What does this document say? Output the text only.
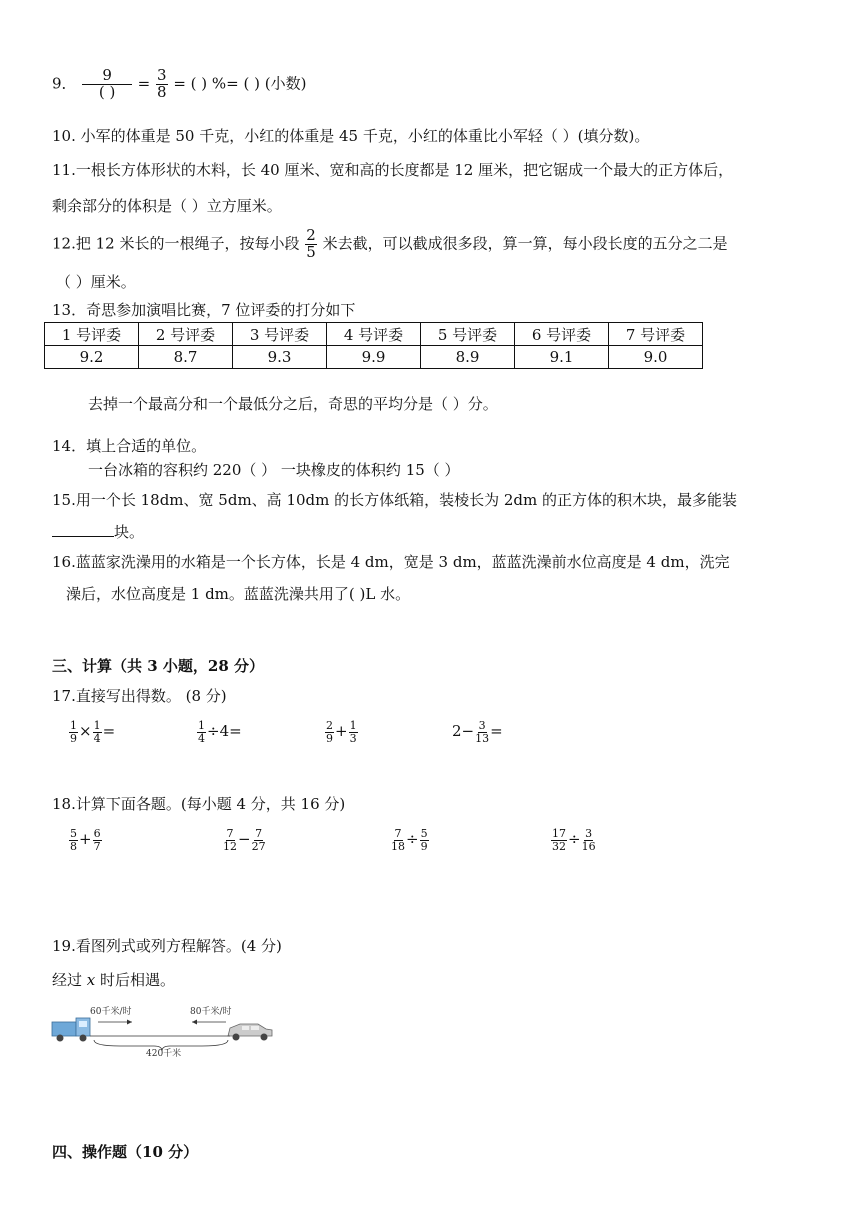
9． $\frac{9}{( )} = \frac{3}{8}$ = ( ) %= ( ) (小数)
10. 小军的体重是 50 千克，小红的体重是 45 千克，小红的体重比小军轻（ ）(填分数)。
11.一根长方体形状的木料，长 40 厘米、宽和高的长度都是 12 厘米，把它锯成一个最大的正方体后，
剩余部分的体积是（ ）立方厘米。
12.把 12 米长的一根绳子，按每小段 $\frac{2}{5}$ 米去截，可以截成很多段，算一算，每小段长度的五分之二是
（ ）厘米。
13．奇思参加演唱比赛，7 位评委的打分如下
1 号评委	2 号评委	3 号评委	4 号评委	5 号评委	6 号评委	7 号评委
9.2	8.7	9.3	9.9	8.9	9.1	9.0
去掉一个最高分和一个最低分之后，奇思的平均分是（ ）分。
14．填上合适的单位。
一台冰箱的容积约 220（ ） 一块橡皮的体积约 15（ ）
15.用一个长 18dm、宽 5dm、高 10dm 的长方体纸箱，装棱长为 2dm 的正方体的积木块，最多能装
块。
16.蓝蓝家洗澡用的水箱是一个长方体，长是 4 dm，宽是 3 dm，蓝蓝洗澡前水位高度是 4 dm，洗完
澡后，水位高度是 1 dm。蓝蓝洗澡共用了( )L 水。
三、计算（共 3 小题，28 分）
17.直接写出得数。 (8 分)
$\frac{1}{9} \times \frac{1}{4}$ =	$\frac{1}{4} \div 4=$	$\frac{2}{9} + \frac{1}{3}$	$2- \frac{3}{13}$ =
18.计算下面各题。(每小题 4 分，共 16 分)
$\frac{5}{8} + \frac{6}{7}$	$\frac{7}{12} - \frac{7}{27}$	$\frac{7}{18} \div \frac{5}{9}$	$\frac{17}{32} \div \frac{3}{16}$
19.看图列式或列方程解答。(4 分)
经过 x 时后相遇。
60千米/时	80千米/时
420千米
四、操作题（10 分）
